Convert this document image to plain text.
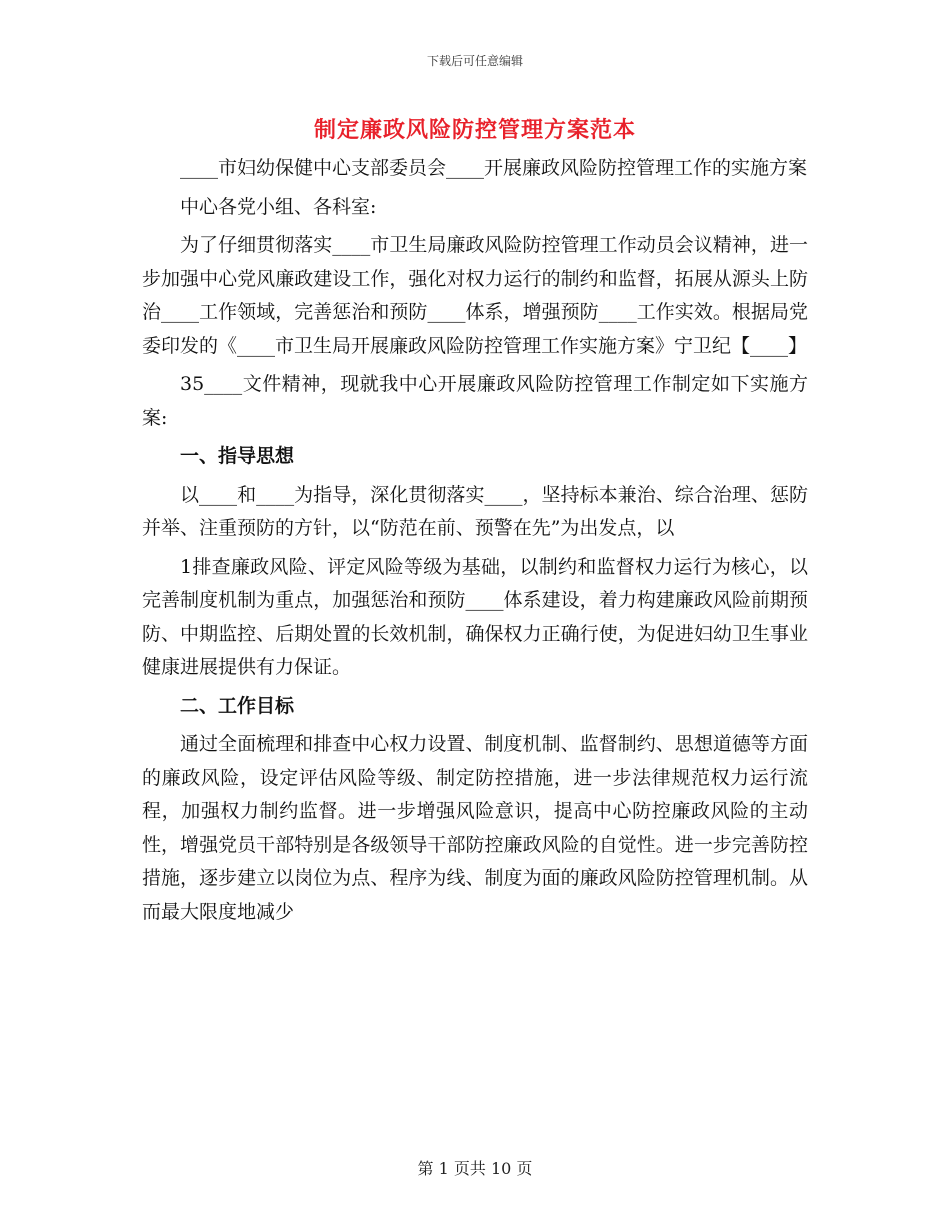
下载后可任意编辑
制定廉政风险防控管理方案范本

____市妇幼保健中心支部委员会____开展廉政风险防控管理工作的实施方案

中心各党小组、各科室:

为了仔细贯彻落实____市卫生局廉政风险防控管理工作动员会议精神，进一步加强中心党风廉政建设工作，强化对权力运行的制约和监督，拓展从源头上防治____工作领域，完善惩治和预防____体系，增强预防____工作实效。根据局党委印发的《____市卫生局开展廉政风险防控管理工作实施方案》宁卫纪【____】

35____文件精神，现就我中心开展廉政风险防控管理工作制定如下实施方案:

一、指导思想

以____和____为指导，深化贯彻落实____，坚持标本兼治、综合治理、惩防并举、注重预防的方针，以“防范在前、预警在先”为出发点，以

1排查廉政风险、评定风险等级为基础，以制约和监督权力运行为核心，以完善制度机制为重点，加强惩治和预防____体系建设，着力构建廉政风险前期预防、中期监控、后期处置的长效机制，确保权力正确行使，为促进妇幼卫生事业健康进展提供有力保证。

二、工作目标

通过全面梳理和排查中心权力设置、制度机制、监督制约、思想道德等方面的廉政风险，设定评估风险等级、制定防控措施，进一步法律规范权力运行流程，加强权力制约监督。进一步增强风险意识，提高中心防控廉政风险的主动性，增强党员干部特别是各级领导干部防控廉政风险的自觉性。进一步完善防控措施，逐步建立以岗位为点、程序为线、制度为面的廉政风险防控管理机制。从而最大限度地减少

第 1 页共 10 页
